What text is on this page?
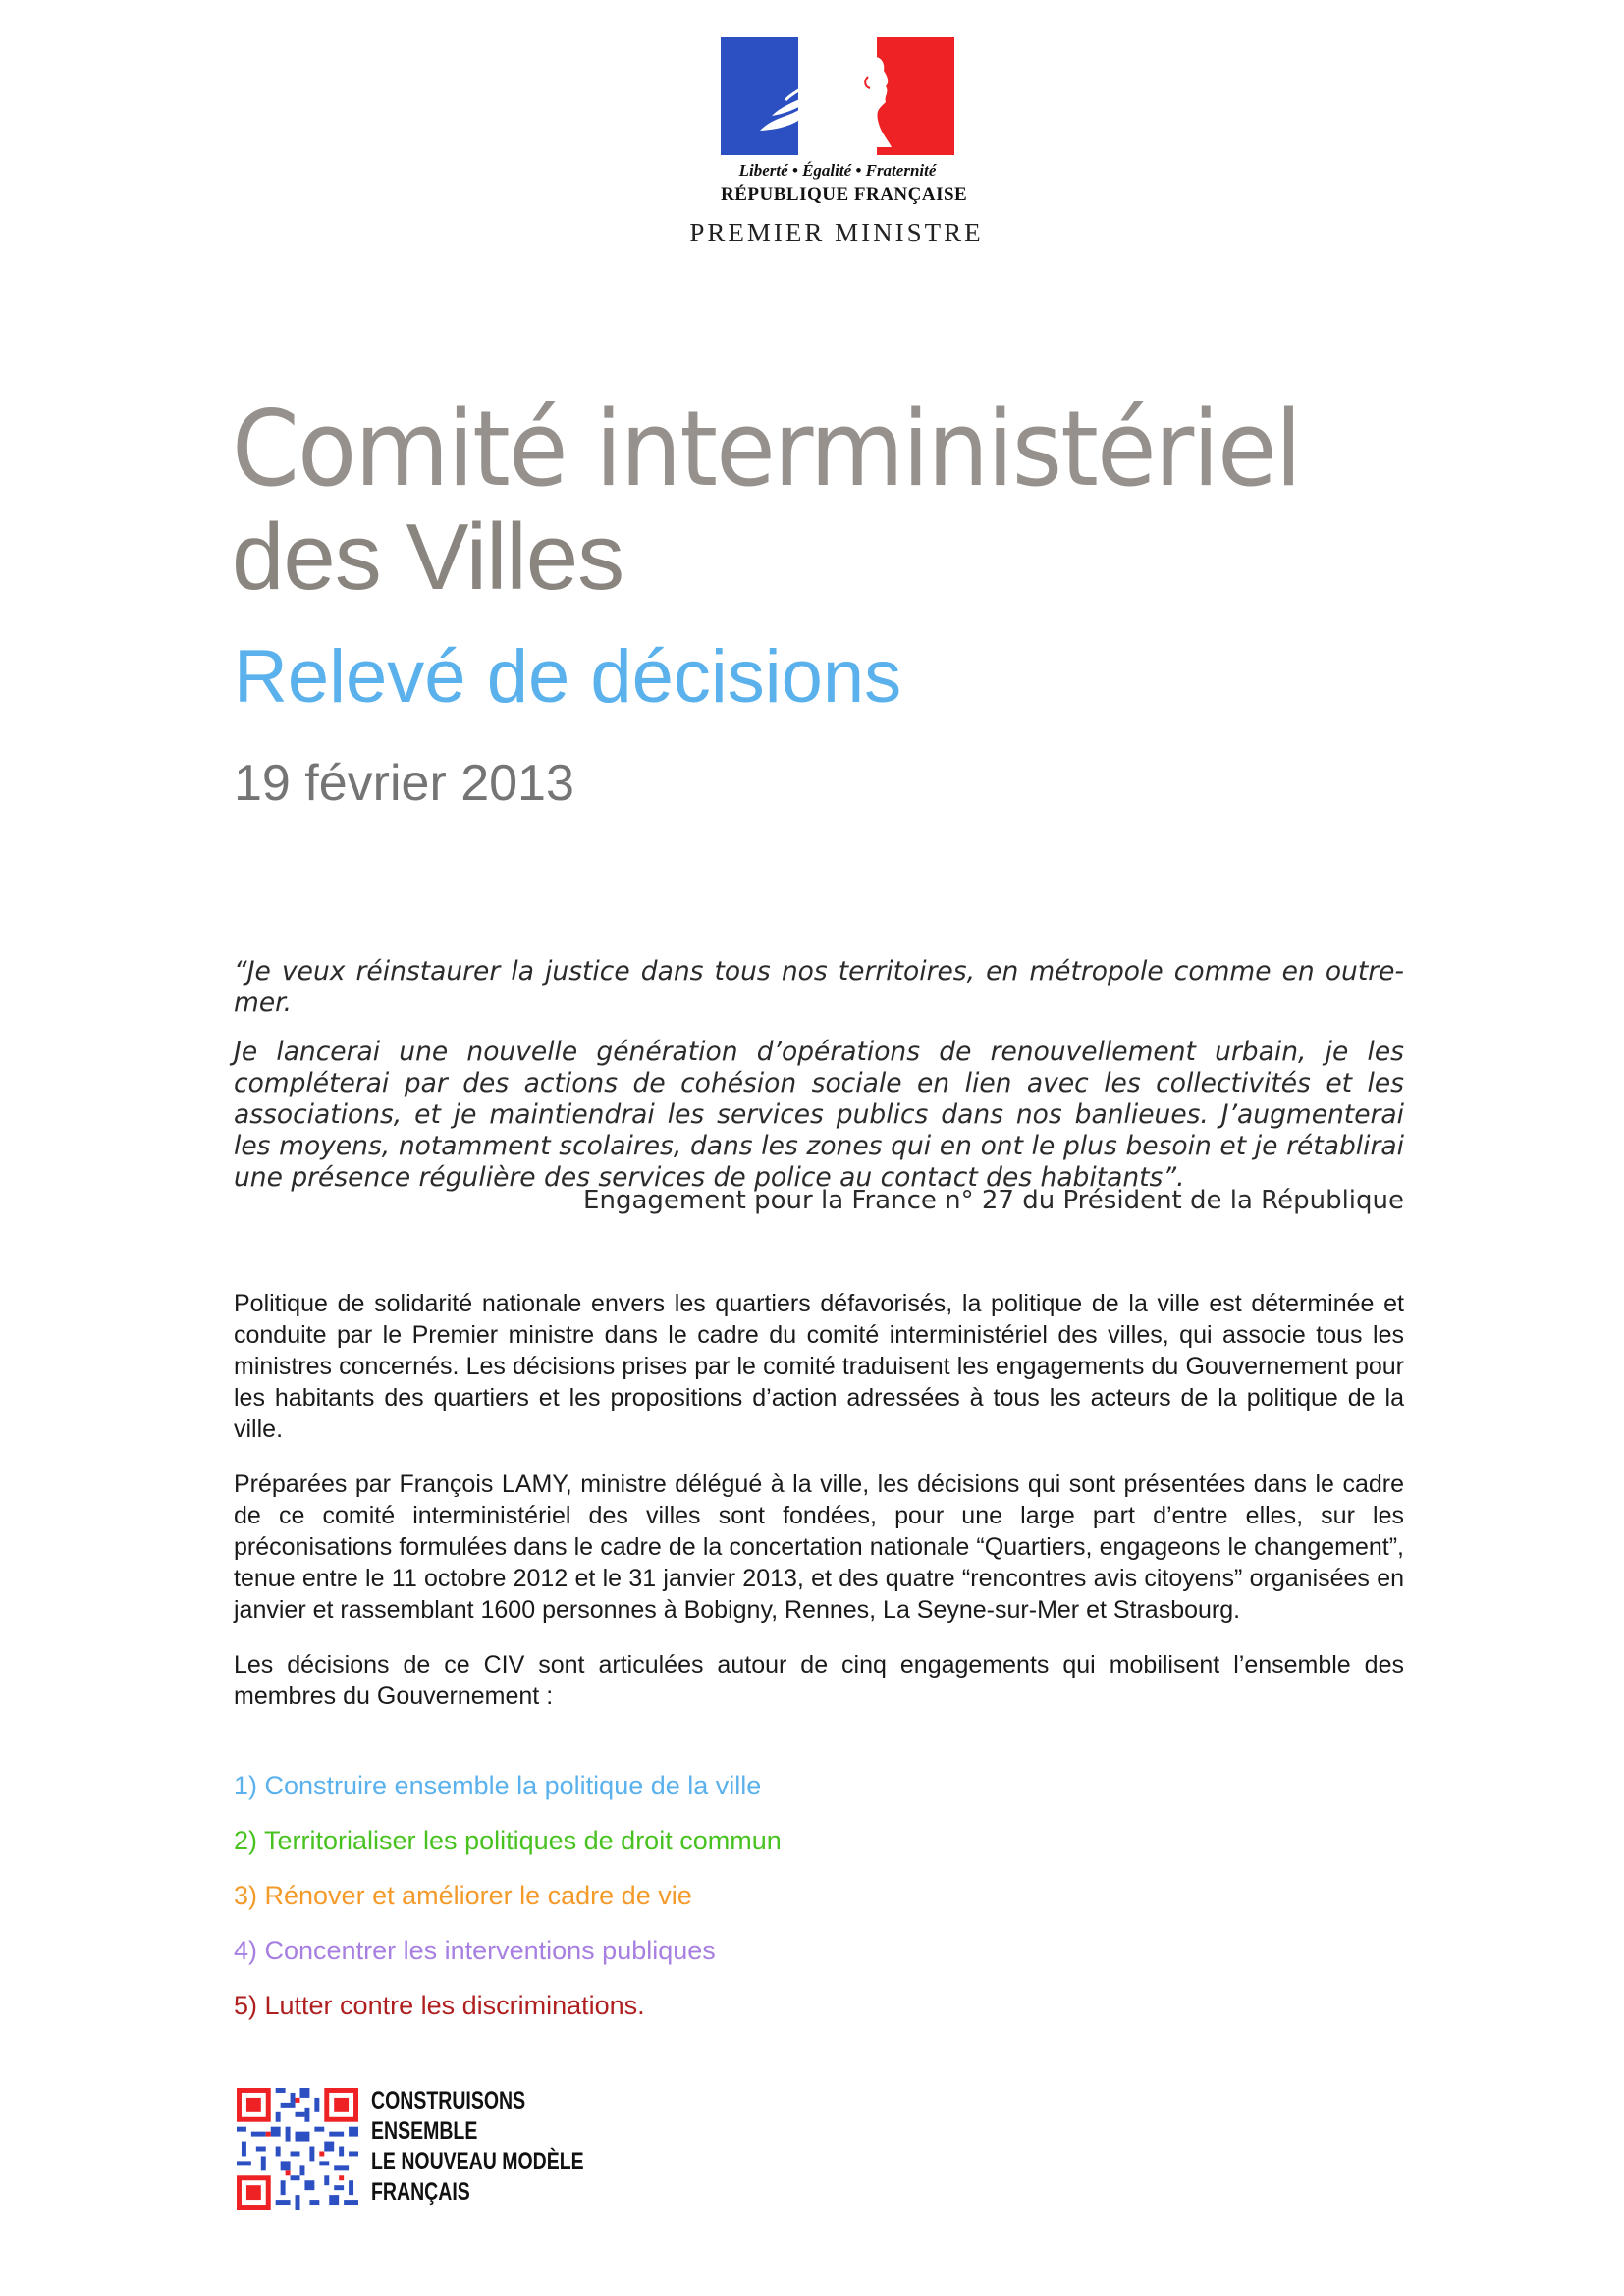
Liberté • Égalité • Fraternité
RÉPUBLIQUE FRANÇAISE
PREMIER MINISTRE
Comité interministériel
des Villes
Relevé de décisions
19 février 2013

“Je veux réinstaurer la justice dans tous nos territoires, en métropole comme en outre-mer.

Je lancerai une nouvelle génération d’opérations de renouvellement urbain, je les compléterai par des actions de cohésion sociale en lien avec les collectivités et les associations, et je maintiendrai les services publics dans nos banlieues. J’augmenterai les moyens, notamment scolaires, dans les zones qui en ont le plus besoin et je rétablirai une présence régulière des services de police au contact des habitants”.

Engagement pour la France n° 27 du Président de la République

Politique de solidarité nationale envers les quartiers défavorisés, la politique de la ville est déterminée et conduite par le Premier ministre dans le cadre du comité interministériel des villes, qui associe tous les ministres concernés. Les décisions prises par le comité traduisent les engagements du Gouvernement pour les habitants des quartiers et les propositions d’action adressées à tous les acteurs de la politique de la ville.

Préparées par François LAMY, ministre délégué à la ville, les décisions qui sont présentées dans le cadre de ce comité interministériel des villes sont fondées, pour une large part d’entre elles, sur les préconisations formulées dans le cadre de la concertation nationale “Quartiers, engageons le changement”, tenue entre le 11 octobre 2012 et le 31 janvier 2013, et des quatre “rencontres avis citoyens” organisées en janvier et rassemblant 1600 personnes à Bobigny, Rennes, La Seyne-sur-Mer et Strasbourg.

Les décisions de ce CIV sont articulées autour de cinq engagements qui mobilisent l’ensemble des membres du Gouvernement :

1) Construire ensemble la politique de la ville
2) Territorialiser les politiques de droit commun
3) Rénover et améliorer le cadre de vie
4) Concentrer les interventions publiques
5) Lutter contre les discriminations.
CONSTRUISONS
ENSEMBLE
LE NOUVEAU MODÈLE
FRANÇAIS
